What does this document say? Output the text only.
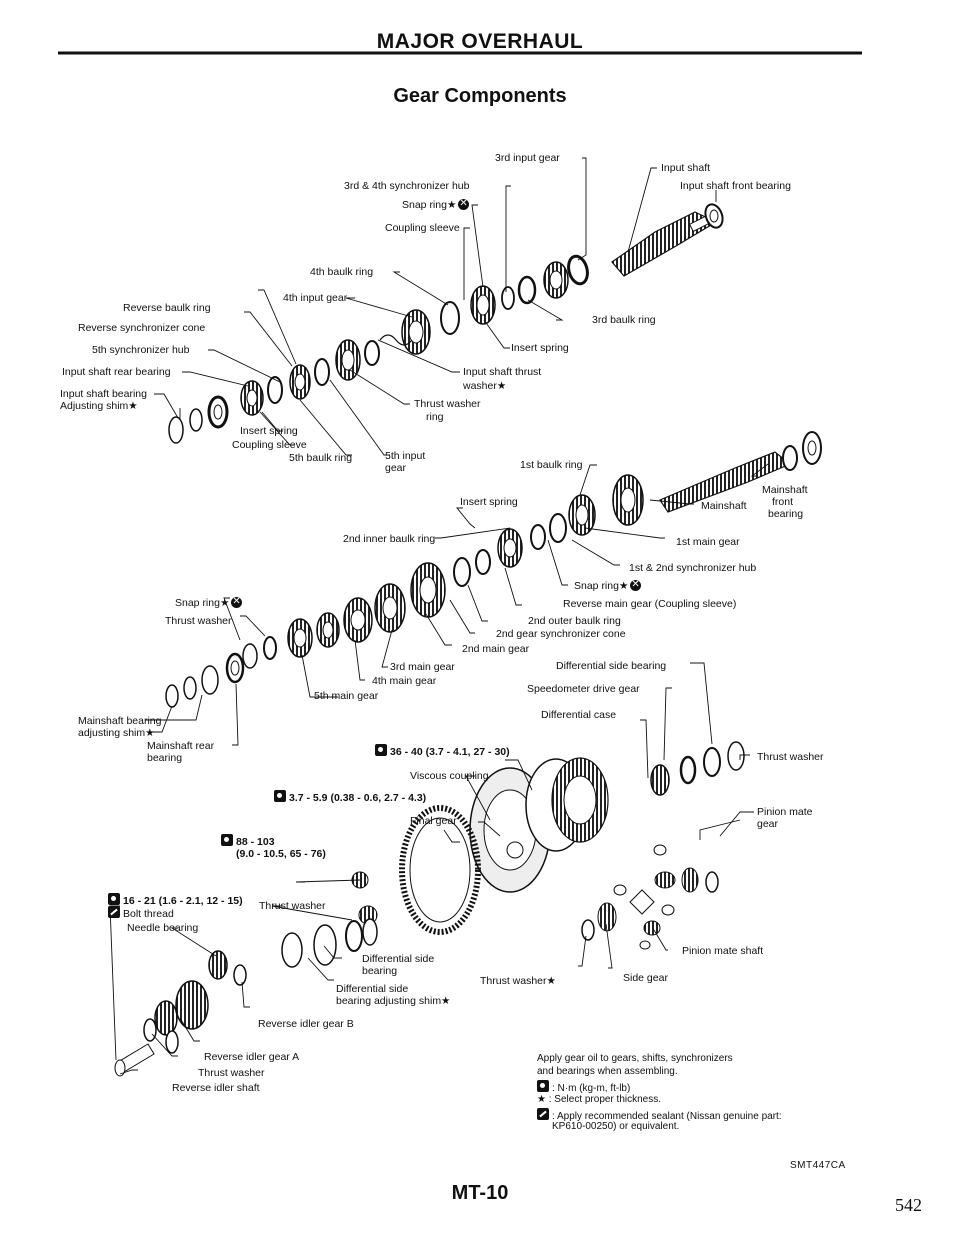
MAJOR OVERHAUL
Gear Components
3rd input gear
Input shaft
3rd & 4th synchronizer hub	Input shaft front bearing
Snap ring★✕
Coupling sleeve
4th baulk ring
4th input gear
Reverse baulk ring
3rd baulk ring
Reverse synchronizer cone
Insert spring
5th synchronizer hub
Input shaft rear bearing	Input shaft thrust
washer★
Input shaft bearing
Adjusting shim★	Thrust washer
ring
Insert spring
Coupling sleeve
5th baulk ring	5th input
gear	1st baulk ring
Mainshaft
front
bearing
Mainshaft
Insert spring
2nd inner baulk ring	1st main gear
1st & 2nd synchronizer hub
Snap ring★✕
Snap ring★✕	Reverse main gear (Coupling sleeve)
Thrust washer	2nd outer baulk ring
2nd gear synchronizer cone
2nd main gear
3rd main gear	Differential side bearing
4th main gear
Speedometer drive gear
5th main gear
Mainshaft bearing
adjusting shim★
Differential case
Mainshaft rear
bearing	36 - 40 (3.7 - 4.1, 27 - 30)	Thrust washer
Viscous coupling
3.7 - 5.9 (0.38 - 0.6, 2.7 - 4.3)
Pinion mate
gear
Final gear
88 - 103
(9.0 - 10.5, 65 - 76)
16 - 21 (1.6 - 2.1, 12 - 15)
Bolt thread
Thrust washer
Needle bearing
Differential side
bearing
Pinion mate shaft
Thrust washer★	Side gear
Differential side
bearing adjusting shim★
Reverse idler gear B
Reverse idler gear A
Thrust washer
Reverse idler shaft
Apply gear oil to gears, shifts, synchronizers
and bearings when assembling.
: N·m (kg-m, ft-lb)
★ : Select proper thickness.
: Apply recommended sealant (Nissan genuine part:
KP610-00250) or equivalent.
SMT447CA
MT-10
542
